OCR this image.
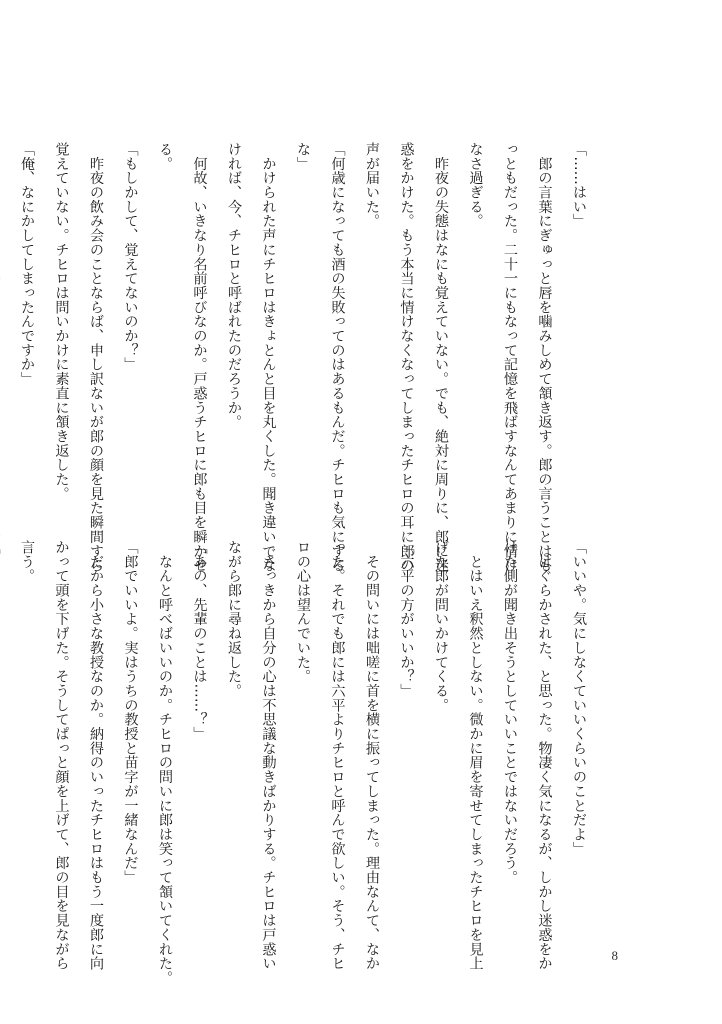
「……はい」
　郎の言葉にぎゅっと唇を噛みしめて頷き返す。郎の言うことはも
っともだった。二十一にもなって記憶を飛ばすなんてあまりに情け
なさ過ぎる。
　昨夜の失態はなにも覚えていない。でも、絶対に周りに、郎に迷
惑をかけた。もう本当に情けなくなってしまったチヒロの耳に郎の
声が届いた。
「何歳になっても酒の失敗ってのはあるもんだ。チヒロも気にする
な」
　かけられた声にチヒロはきょとんと目を丸くした。聞き違いでな
ければ、今、チヒロと呼ばれたのだろうか。
　何故、いきなり名前呼びなのか。戸惑うチヒロに郎も目を瞬かせ
る。
「もしかして、覚えてないのか？」
　昨夜の飲み会のことならば、申し訳ないが郎の顔を見た瞬間すら
覚えていない。チヒロは問いかけに素直に頷き返した。
「俺、なにかしてしまったんですか」
「いいや。気にしなくていいくらいのことだよ」
　はぐらかされた、と思った。物凄く気になるが、しかし迷惑をか
けた側が聞き出そうとしていいことではないだろう。
　とはいえ釈然としない。微かに眉を寄せてしまったチヒロを見上
げた郎が問いかけてくる。
「六平の方がいいか？」
　その問いには咄嗟に首を横に振ってしまった。理由なんて、なか
った。それでも郎には六平よりチヒロと呼んで欲しい。そう、チヒ
ロの心は望んでいた。
　さっきから自分の心は不思議な動きばかりする。チヒロは戸惑い
ながら郎に尋ね返した。
「あの、先輩のことは……？」
　なんと呼べばいいのか。チヒロの問いに郎は笑って頷いてくれた。
「郎でいいよ。実はうちの教授と苗字が一緒なんだ」
　だから小さな教授なのか。納得のいったチヒロはもう一度郎に向
かって頭を下げた。そうしてぱっと顔を上げて、郎の目を見ながら
言う。
8
